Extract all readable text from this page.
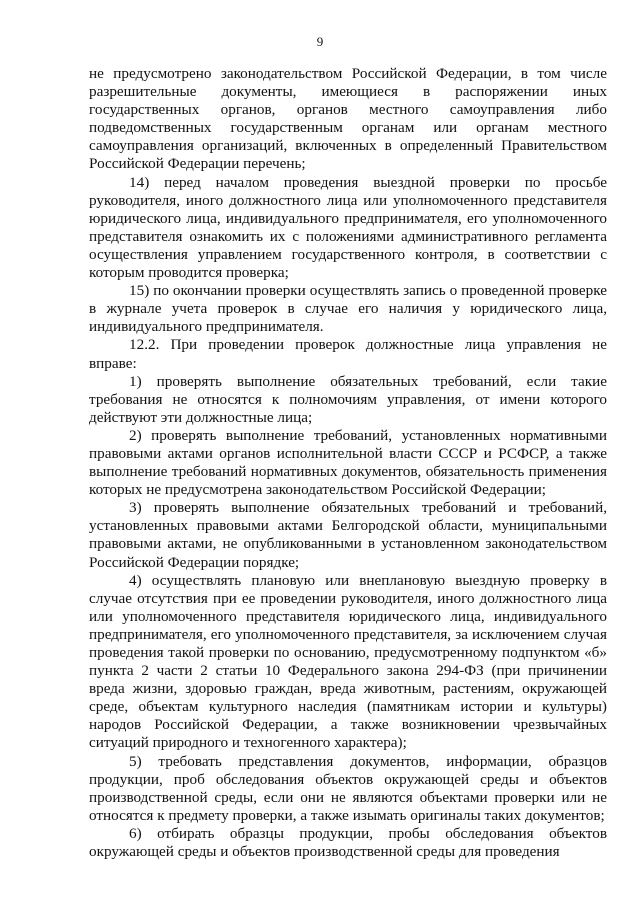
9

не предусмотрено законодательством Российской Федерации, в том числе разрешительные документы, имеющиеся в распоряжении иных государственных органов, органов местного самоуправления либо подведомственных государственным органам или органам местного самоуправления организаций, включенных в определенный Правительством Российской Федерации перечень;

14) перед началом проведения выездной проверки по просьбе руководителя, иного должностного лица или уполномоченного представителя юридического лица, индивидуального предпринимателя, его уполномоченного представителя ознакомить их с положениями административного регламента осуществления управлением государственного контроля, в соответствии с которым проводится проверка;

15) по окончании проверки осуществлять запись о проведенной проверке в журнале учета проверок в случае его наличия у юридического лица, индивидуального предпринимателя.

12.2. При проведении проверок должностные лица управления не вправе:

1) проверять выполнение обязательных требований, если такие требования не относятся к полномочиям управления, от имени которого действуют эти должностные лица;

2) проверять выполнение требований, установленных нормативными правовыми актами органов исполнительной власти СССР и РСФСР, а также выполнение требований нормативных документов, обязательность применения которых не предусмотрена законодательством Российской Федерации;

3) проверять выполнение обязательных требований и требований, установленных правовыми актами Белгородской области, муниципальными правовыми актами, не опубликованными в установленном законодательством Российской Федерации порядке;

4) осуществлять плановую или внеплановую выездную проверку в случае отсутствия при ее проведении руководителя, иного должностного лица или уполномоченного представителя юридического лица, индивидуального предпринимателя, его уполномоченного представителя, за исключением случая проведения такой проверки по основанию, предусмотренному подпунктом «б» пункта 2 части 2 статьи 10 Федерального закона 294-ФЗ (при причинении вреда жизни, здоровью граждан, вреда животным, растениям, окружающей среде, объектам культурного наследия (памятникам истории и культуры) народов Российской Федерации, а также возникновении чрезвычайных ситуаций природного и техногенного характера);

5) требовать представления документов, информации, образцов продукции, проб обследования объектов окружающей среды и объектов производственной среды, если они не являются объектами проверки или не относятся к предмету проверки, а также изымать оригиналы таких документов;

6) отбирать образцы продукции, пробы обследования объектов окружающей среды и объектов производственной среды для проведения
